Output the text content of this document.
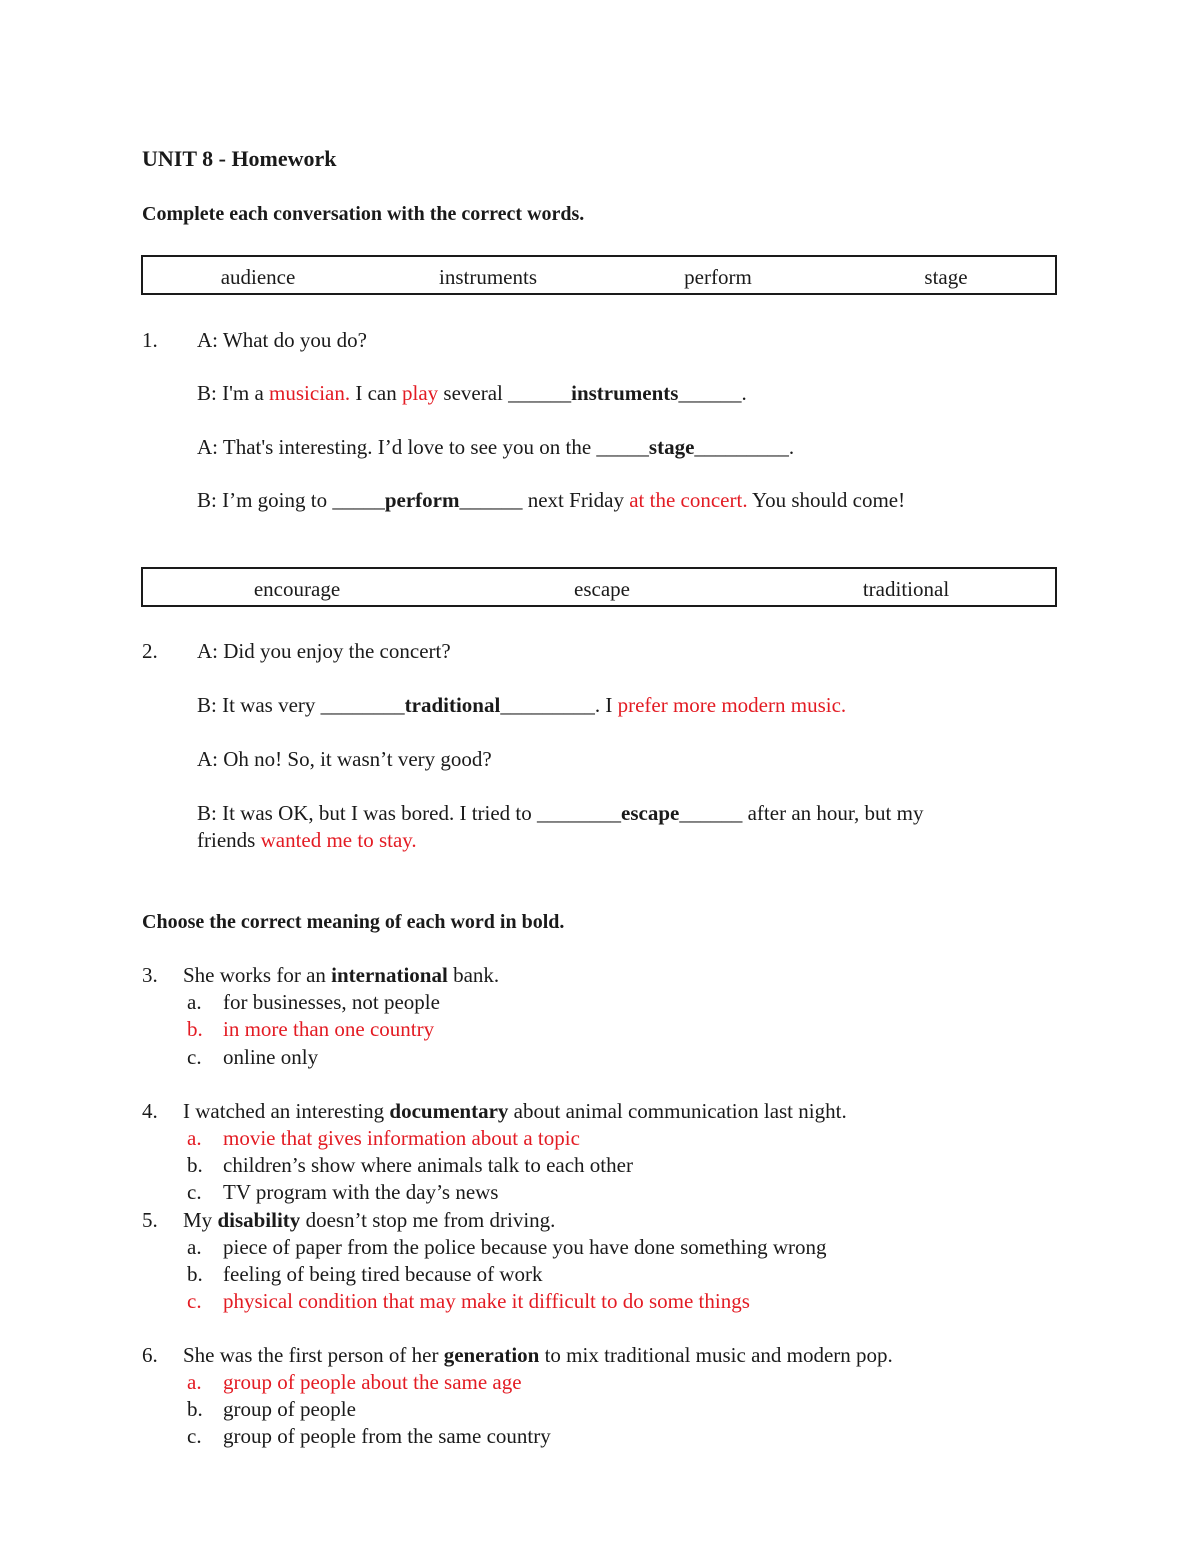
UNIT 8 - Homework
Complete each conversation with the correct words.
audience	instruments	perform	stage
1. A: What do you do?
B: I'm a musician. I can play several ______instruments______.
A: That's interesting. I’d love to see you on the _____stage_________.
B: I’m going to _____perform______ next Friday at the concert. You should come!
encourage	escape	traditional
2. A: Did you enjoy the concert?
B: It was very ________traditional_________. I prefer more modern music.
A: Oh no! So, it wasn’t very good?
B: It was OK, but I was bored. I tried to ________escape______ after an hour, but my
friends wanted me to stay.
Choose the correct meaning of each word in bold.
3. She works for an international bank.
a. for businesses, not people
b. in more than one country
c. online only
4. I watched an interesting documentary about animal communication last night.
a. movie that gives information about a topic
b. children’s show where animals talk to each other
c. TV program with the day’s news
5. My disability doesn’t stop me from driving.
a. piece of paper from the police because you have done something wrong
b. feeling of being tired because of work
c. physical condition that may make it difficult to do some things
6. She was the first person of her generation to mix traditional music and modern pop.
a. group of people about the same age
b. group of people
c. group of people from the same country
